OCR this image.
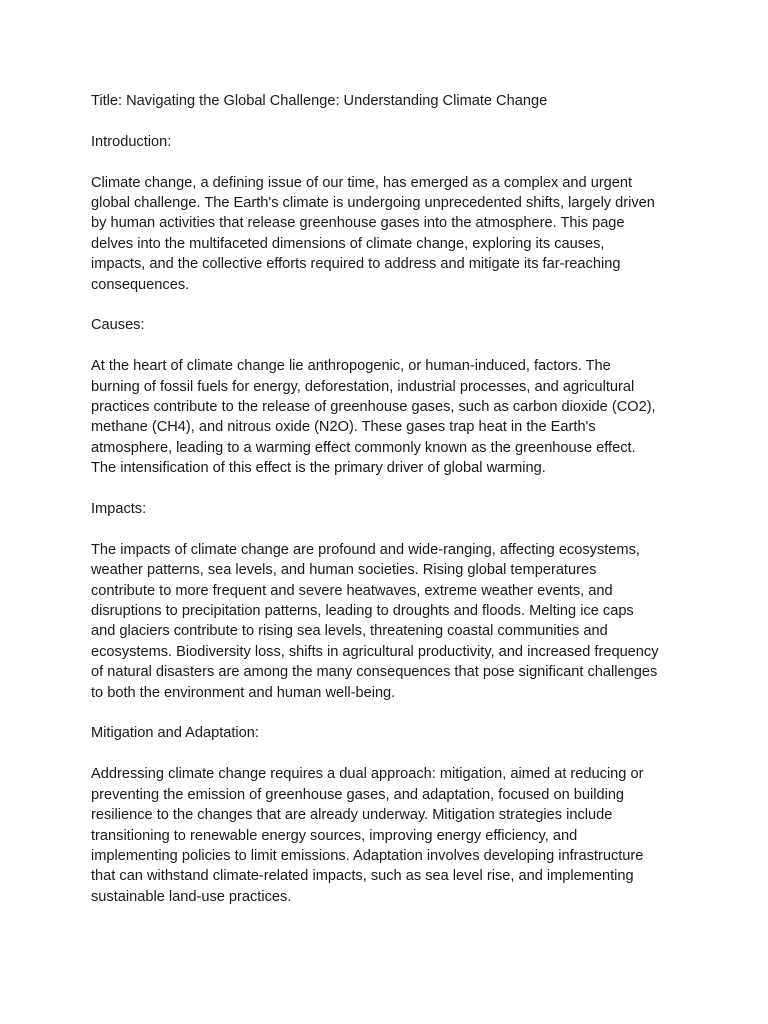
Title: Navigating the Global Challenge: Understanding Climate Change

Introduction:

Climate change, a defining issue of our time, has emerged as a complex and urgent

global challenge. The Earth's climate is undergoing unprecedented shifts, largely driven

by human activities that release greenhouse gases into the atmosphere. This page

delves into the multifaceted dimensions of climate change, exploring its causes,

impacts, and the collective efforts required to address and mitigate its far-reaching

consequences.

Causes:

At the heart of climate change lie anthropogenic, or human-induced, factors. The

burning of fossil fuels for energy, deforestation, industrial processes, and agricultural

practices contribute to the release of greenhouse gases, such as carbon dioxide (CO2),

methane (CH4), and nitrous oxide (N2O). These gases trap heat in the Earth's

atmosphere, leading to a warming effect commonly known as the greenhouse effect.

The intensification of this effect is the primary driver of global warming.

Impacts:

The impacts of climate change are profound and wide-ranging, affecting ecosystems,

weather patterns, sea levels, and human societies. Rising global temperatures

contribute to more frequent and severe heatwaves, extreme weather events, and

disruptions to precipitation patterns, leading to droughts and floods. Melting ice caps

and glaciers contribute to rising sea levels, threatening coastal communities and

ecosystems. Biodiversity loss, shifts in agricultural productivity, and increased frequency

of natural disasters are among the many consequences that pose significant challenges

to both the environment and human well-being.

Mitigation and Adaptation:

Addressing climate change requires a dual approach: mitigation, aimed at reducing or

preventing the emission of greenhouse gases, and adaptation, focused on building

resilience to the changes that are already underway. Mitigation strategies include

transitioning to renewable energy sources, improving energy efficiency, and

implementing policies to limit emissions. Adaptation involves developing infrastructure

that can withstand climate-related impacts, such as sea level rise, and implementing

sustainable land-use practices.
